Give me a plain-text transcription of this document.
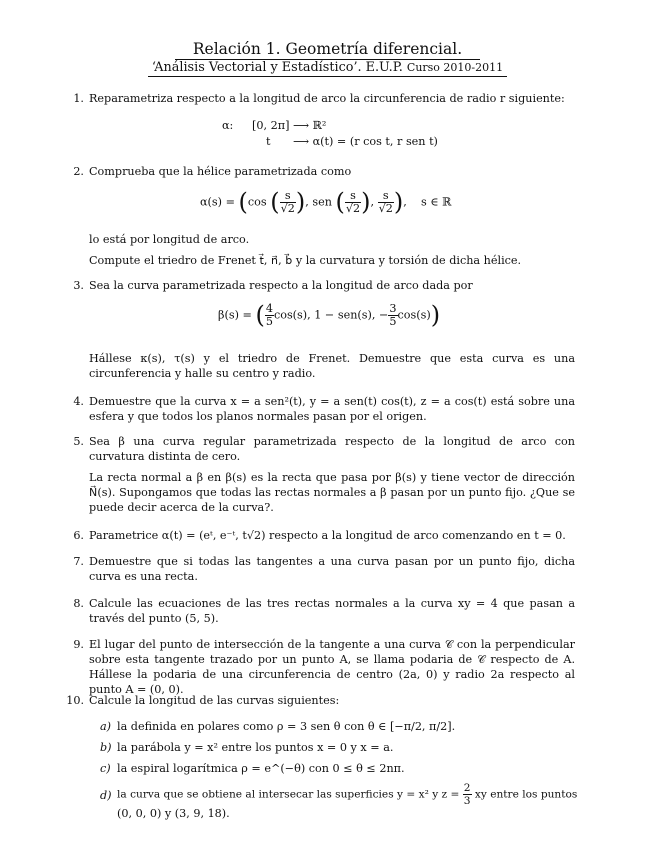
Relación 1. Geometría diferencial.
‘Análisis Vectorial y Estadístico’. E.U.P. Curso 2010-2011
1. Reparametriza respecto a la longitud de arco la circunferencia de radio r siguiente:
α: [0, 2π] ⟶ ℝ²
t ⟶ α(t) = (r cos t, r sen t)
2. Comprueba que la hélice parametrizada como
α(s) = (cos ( $\frac{s}{√2}$ ), sen ( $\frac{s}{√2}$ ), $\frac{s}{√2}$ ),    s ∈ ℝ
lo está por longitud de arco.
Compute el triedro de Frenet t⃗, n⃗, b⃗ y la curvatura y torsión de dicha hélice.
3. Sea la curva parametrizada respecto a la longitud de arco dada por
β(s) = ( $\frac{4}{5} \cos(s)$, 1 − sen(s), − $\frac{3}{5} \cos(s)$)
Hállese κ(s), τ(s) y el triedro de Frenet. Demuestre que esta curva es una circunferencia y halle su centro y radio.
4. Demuestre que la curva x = a sen²(t), y = a sen(t) cos(t), z = a cos(t) está sobre una esfera y que todos los planos normales pasan por el origen.
5. Sea β una curva regular parametrizada respecto de la longitud de arco con curvatura distinta de cero.
La recta normal a β en β(s) es la recta que pasa por β(s) y tiene vector de dirección N⃗(s). Supongamos que todas las rectas normales a β pasan por un punto fijo. ¿Que se puede decir acerca de la curva?.
6. Parametrice α(t) = (eᵗ, e⁻ᵗ, t√2) respecto a la longitud de arco comenzando en t = 0.
7. Demuestre que si todas las tangentes a una curva pasan por un punto fijo, dicha curva es una recta.
8. Calcule las ecuaciones de las tres rectas normales a la curva xy = 4 que pasan a través del punto (5, 5).
9. El lugar del punto de intersección de la tangente a una curva 𝒞 con la perpendicular sobre esta tangente trazado por un punto A, se llama podaria de 𝒞 respecto de A. Hállese la podaria de una circunferencia de centro (2a, 0) y radio 2a respecto al punto A = (0, 0).
10. Calcule la longitud de las curvas siguientes:
a) la definida en polares como ρ = 3 sen θ con θ ∈ [−π/2, π/2].
b) la parábola y = x² entre los puntos x = 0 y x = a.
c) la espiral logarítmica ρ = e^(−θ) con 0 ≤ θ ≤ 2nπ.
d) la curva que se obtiene al intersecar las superficies y = x² y $z = \frac{2}{3}$ xy entre los puntos
(0, 0, 0) y (3, 9, 18).
